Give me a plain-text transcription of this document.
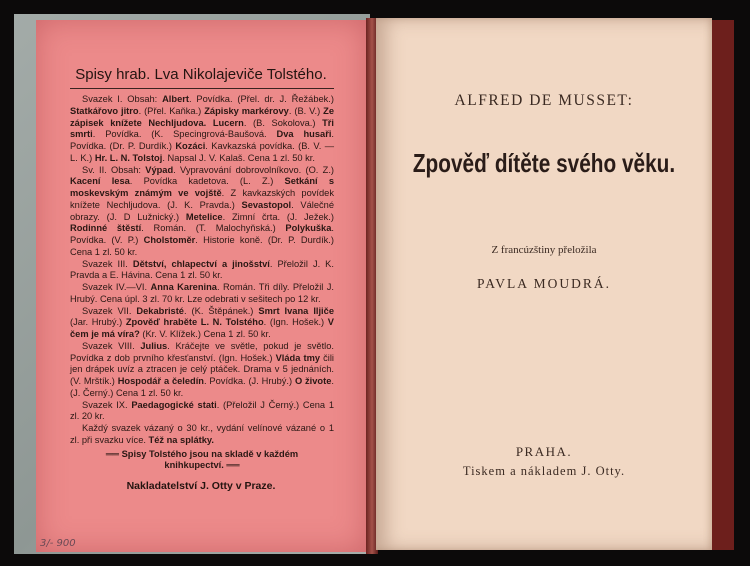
Spisy hrab. Lva Nikolajeviče Tolstého.
Svazek I. Obsah: Albert. Povídka. (Přel. dr. J. Řežábek.) Statkářovo jitro. (Přel. Kaňka.) Zápisky markérovy. (B. V.) Ze zápisek knížete Nechljudova. Lucern. (B. Sokolova.) Tři smrti. Povídka. (K. Specingrová-Baušová. Dva husaři. Povídka. (Dr. P. Durdík.) Kozáci. Kavkazská povídka. (B. V. — L. K.) Hr. L. N. Tolstoj. Napsal J. V. Kalaš. Cena 1 zl. 50 kr.
Sv. II. Obsah: Výpad. Vypravování dobrovolníkovo. (O. Z.) Kacení lesa. Povídka kadetova. (L. Z.) Setkání s moskevským známým ve vojště. Z kavkazských povídek knížete Nechljudova. (J. K. Pravda.) Sevastopol. Válečné obrazy. (J. D Lužnický.) Metelice. Zimní črta. (J. Ježek.) Rodinné štěstí. Román. (T. Malochyňská.) Polykuška. Povídka. (V. P.) Cholstoměr. Historie koně. (Dr. P. Durdík.) Cena 1 zl. 50 kr.
Svazek III. Dětství, chlapectví a jinošství. Přeložil J. K. Pravda a E. Hávina. Cena 1 zl. 50 kr.
Svazek IV.—VI. Anna Karenina. Román. Tři díly. Přeložil J. Hrubý. Cena úpl. 3 zl. 70 kr. Lze odebrati v sešitech po 12 kr.
Svazek VII. Dekabristé. (K. Štěpánek.) Smrt Ivana Iljiče (Jar. Hrubý.) Zpověď hraběte L. N. Tolstého. (Ign. Hošek.) V čem je má víra? (Kr. V. Klížek.) Cena 1 zl. 50 kr.
Svazek VIII. Julius. Kráčejte ve světle, pokud je světlo. Povídka z dob prvního křesťanství. (Ign. Hošek.) Vláda tmy čili jen drápek uvíz a ztracen je celý ptáček. Drama v 5 jednáních. (V. Mrštík.) Hospodář a čeledín. Povídka. (J. Hrubý.) O živote. (J. Černý.) Cena 1 zl. 50 kr.
Svazek IX. Paedagogické stati. (Přeložil J Černý.) Cena 1 zl. 20 kr.
Každý svazek vázaný o 30 kr., vydání velínové vázané o 1 zl. při svazku více. Též na splátky.
══ Spisy Tolstého jsou na skladě v každém knihkupectví. ══
Nakladatelství J. Otty v Praze.
3/- 900
ALFRED DE MUSSET:
Zpověď dítěte svého věku.
Z francúzštiny přeložila
PAVLA MOUDRÁ.
PRAHA.
Tiskem a nákladem J. Otty.
